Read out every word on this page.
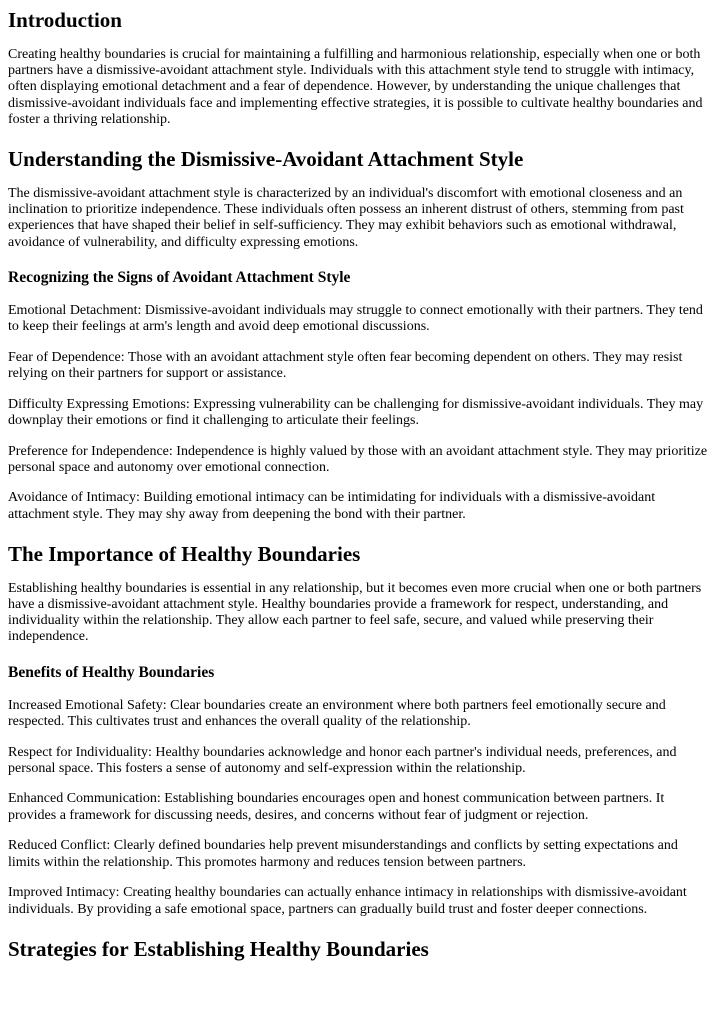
Introduction

Creating healthy boundaries is crucial for maintaining a fulfilling and harmonious relationship, especially when one or both partners have a dismissive-avoidant attachment style. Individuals with this attachment style tend to struggle with intimacy, often displaying emotional detachment and a fear of dependence. However, by understanding the unique challenges that dismissive-avoidant individuals face and implementing effective strategies, it is possible to cultivate healthy boundaries and foster a thriving relationship.

Understanding the Dismissive-Avoidant Attachment Style

The dismissive-avoidant attachment style is characterized by an individual's discomfort with emotional closeness and an inclination to prioritize independence. These individuals often possess an inherent distrust of others, stemming from past experiences that have shaped their belief in self-sufficiency. They may exhibit behaviors such as emotional withdrawal, avoidance of vulnerability, and difficulty expressing emotions.

Recognizing the Signs of Avoidant Attachment Style

Emotional Detachment: Dismissive-avoidant individuals may struggle to connect emotionally with their partners. They tend to keep their feelings at arm's length and avoid deep emotional discussions.

Fear of Dependence: Those with an avoidant attachment style often fear becoming dependent on others. They may resist relying on their partners for support or assistance.

Difficulty Expressing Emotions: Expressing vulnerability can be challenging for dismissive-avoidant individuals. They may downplay their emotions or find it challenging to articulate their feelings.

Preference for Independence: Independence is highly valued by those with an avoidant attachment style. They may prioritize personal space and autonomy over emotional connection.

Avoidance of Intimacy: Building emotional intimacy can be intimidating for individuals with a dismissive-avoidant attachment style. They may shy away from deepening the bond with their partner.

The Importance of Healthy Boundaries

Establishing healthy boundaries is essential in any relationship, but it becomes even more crucial when one or both partners have a dismissive-avoidant attachment style. Healthy boundaries provide a framework for respect, understanding, and individuality within the relationship. They allow each partner to feel safe, secure, and valued while preserving their independence.

Benefits of Healthy Boundaries

Increased Emotional Safety: Clear boundaries create an environment where both partners feel emotionally secure and respected. This cultivates trust and enhances the overall quality of the relationship.

Respect for Individuality: Healthy boundaries acknowledge and honor each partner's individual needs, preferences, and personal space. This fosters a sense of autonomy and self-expression within the relationship.

Enhanced Communication: Establishing boundaries encourages open and honest communication between partners. It provides a framework for discussing needs, desires, and concerns without fear of judgment or rejection.

Reduced Conflict: Clearly defined boundaries help prevent misunderstandings and conflicts by setting expectations and limits within the relationship. This promotes harmony and reduces tension between partners.

Improved Intimacy: Creating healthy boundaries can actually enhance intimacy in relationships with dismissive-avoidant individuals. By providing a safe emotional space, partners can gradually build trust and foster deeper connections.

Strategies for Establishing Healthy Boundaries
